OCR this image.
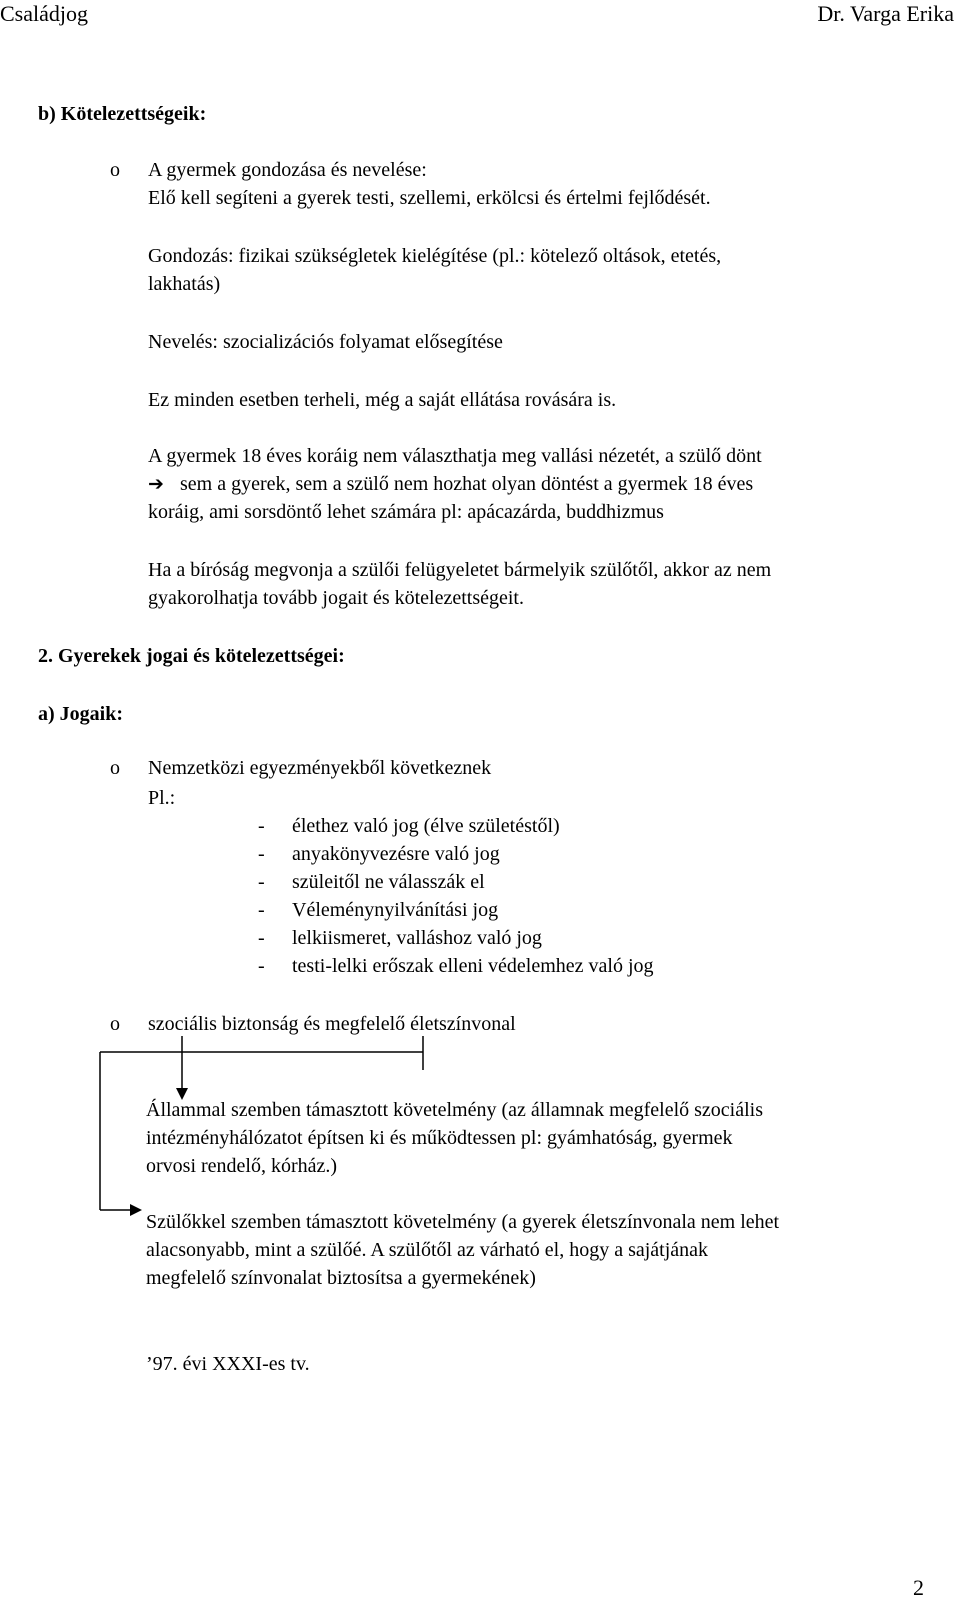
Családjog	Dr. Varga Erika
b) Kötelezettségeik:
o A gyermek gondozása és nevelése:
Elő kell segíteni a gyerek testi, szellemi, erkölcsi és értelmi fejlődését.
Gondozás: fizikai szükségletek kielégítése (pl.: kötelező oltások, etetés,
lakhatás)
Nevelés: szocializációs folyamat elősegítése
Ez minden esetben terheli, még a saját ellátása rovására is.
A gyermek 18 éves koráig nem választhatja meg vallási nézetét, a szülő dönt
➔ sem a gyerek, sem a szülő nem hozhat olyan döntést a gyermek 18 éves
koráig, ami sorsdöntő lehet számára pl: apácazárda, buddhizmus
Ha a bíróság megvonja a szülői felügyeletet bármelyik szülőtől, akkor az nem
gyakorolhatja tovább jogait és kötelezettségeit.
2. Gyerekek jogai és kötelezettségei:
a) Jogaik:
o Nemzetközi egyezményekből következnek
Pl.:
- élethez való jog (élve születéstől)
- anyakönyvezésre való jog
- szüleitől ne válasszák el
- Véleménynyilvánítási jog
- lelkiismeret, valláshoz való jog
- testi-lelki erőszak elleni védelemhez való jog
o szociális biztonság és megfelelő életszínvonal
Állammal szemben támasztott követelmény (az államnak megfelelő szociális
intézményhálózatot építsen ki és működtessen pl: gyámhatóság, gyermek
orvosi rendelő, kórház.)
Szülőkkel szemben támasztott követelmény (a gyerek életszínvonala nem lehet
alacsonyabb, mint a szülőé. A szülőtől az várható el, hogy a sajátjának
megfelelő színvonalat biztosítsa a gyermekének)
’97. évi XXXI-es tv.
2
